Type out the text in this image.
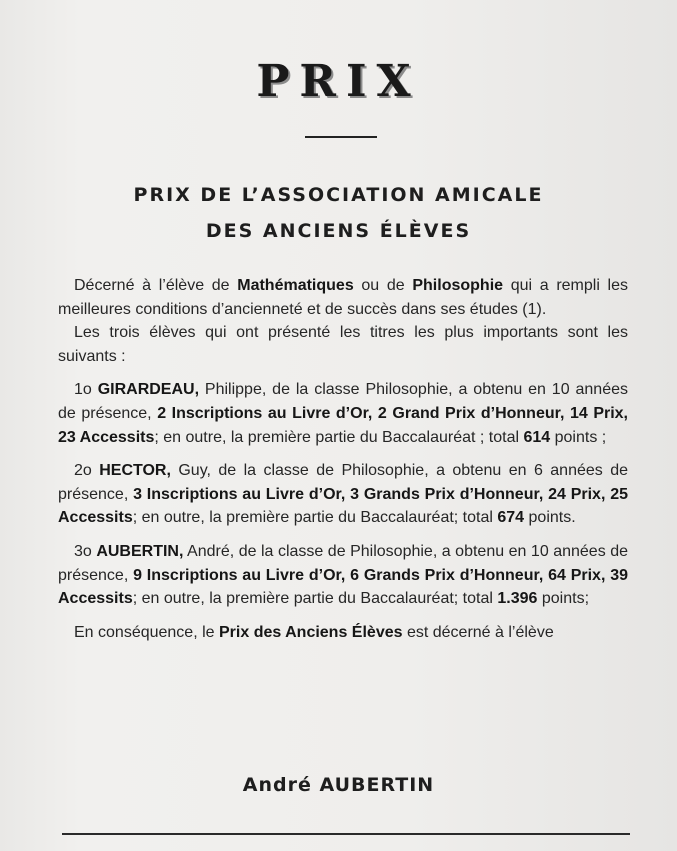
PRIX
PRIX DE L’ASSOCIATION AMICALE
DES ANCIENS ÉLÈVES

Décerné à l’élève de Mathématiques ou de Philosophie qui a rempli les meilleures conditions d’ancienneté et de succès dans ses études (1).

Les trois élèves qui ont présenté les titres les plus importants sont les suivants :

1o GIRARDEAU, Philippe, de la classe Philosophie, a obtenu en 10 années de présence, 2 Inscriptions au Livre d’Or, 2 Grand Prix d’Honneur, 14 Prix, 23 Accessits; en outre, la première partie du Baccalauréat ; total 614 points ;

2o HECTOR, Guy, de la classe de Philosophie, a obtenu en 6 années de présence, 3 Inscriptions au Livre d’Or, 3 Grands Prix d’Honneur, 24 Prix, 25 Accessits; en outre, la première partie du Baccalauréat; total 674 points.

3o AUBERTIN, André, de la classe de Philosophie, a obtenu en 10 années de présence, 9 Inscriptions au Livre d’Or, 6 Grands Prix d’Honneur, 64 Prix, 39 Accessits; en outre, la première partie du Baccalauréat; total 1.396 points;

En conséquence, le Prix des Anciens Élèves est décerné à l’élève

André AUBERTIN
